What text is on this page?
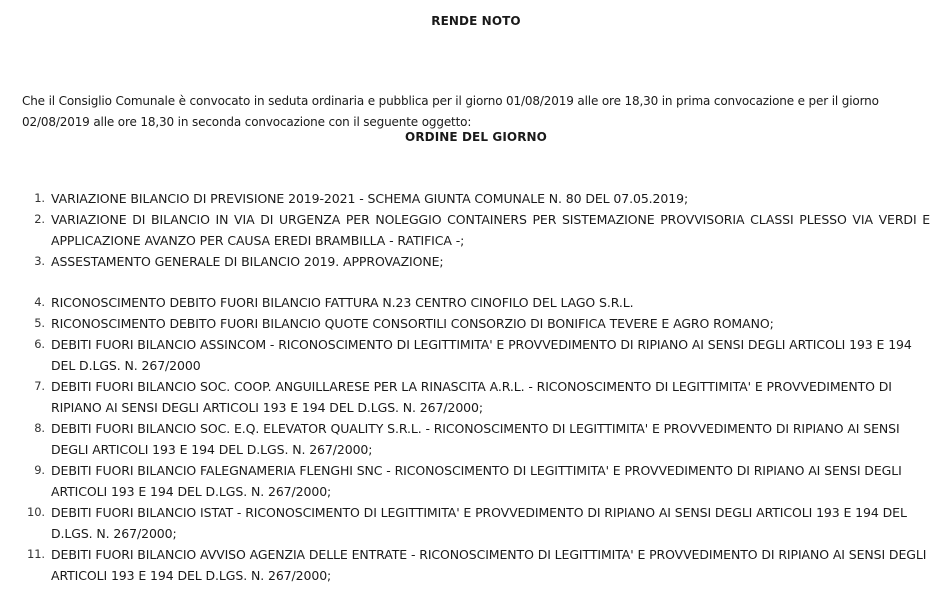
RENDE NOTO

Che il Consiglio Comunale è convocato in seduta ordinaria e pubblica per il giorno 01/08/2019 alle ore 18,30 in prima convocazione e per il giorno 02/08/2019 alle ore 18,30 in seconda convocazione con il seguente oggetto:

ORDINE DEL GIORNO
1. VARIAZIONE BILANCIO DI PREVISIONE 2019-2021 - SCHEMA GIUNTA COMUNALE N. 80 DEL 07.05.2019;
2. VARIAZIONE DI BILANCIO IN VIA DI URGENZA PER NOLEGGIO CONTAINERS PER SISTEMAZIONE PROVVISORIA CLASSI PLESSO VIA VERDI E APPLICAZIONE AVANZO PER CAUSA EREDI BRAMBILLA - RATIFICA -;
3. ASSESTAMENTO GENERALE DI BILANCIO 2019. APPROVAZIONE;
4. RICONOSCIMENTO DEBITO FUORI BILANCIO FATTURA N.23 CENTRO CINOFILO DEL LAGO S.R.L.
5. RICONOSCIMENTO DEBITO FUORI BILANCIO QUOTE CONSORTILI CONSORZIO DI BONIFICA TEVERE E AGRO ROMANO;
6. DEBITI FUORI BILANCIO ASSINCOM - RICONOSCIMENTO DI LEGITTIMITA' E PROVVEDIMENTO DI RIPIANO AI SENSI DEGLI ARTICOLI 193 E 194 DEL D.LGS. N. 267/2000
7. DEBITI FUORI BILANCIO SOC. COOP. ANGUILLARESE PER LA RINASCITA A.R.L. - RICONOSCIMENTO DI LEGITTIMITA' E PROVVEDIMENTO DI RIPIANO AI SENSI DEGLI ARTICOLI 193 E 194 DEL D.LGS. N. 267/2000;
8. DEBITI FUORI BILANCIO SOC. E.Q. ELEVATOR QUALITY S.R.L. - RICONOSCIMENTO DI LEGITTIMITA' E PROVVEDIMENTO DI RIPIANO AI SENSI DEGLI ARTICOLI 193 E 194 DEL D.LGS. N. 267/2000;
9. DEBITI FUORI BILANCIO FALEGNAMERIA FLENGHI SNC - RICONOSCIMENTO DI LEGITTIMITA' E PROVVEDIMENTO DI RIPIANO AI SENSI DEGLI ARTICOLI 193 E 194 DEL D.LGS. N. 267/2000;
10. DEBITI FUORI BILANCIO ISTAT - RICONOSCIMENTO DI LEGITTIMITA' E PROVVEDIMENTO DI RIPIANO AI SENSI DEGLI ARTICOLI 193 E 194 DEL D.LGS. N. 267/2000;
11. DEBITI FUORI BILANCIO AVVISO AGENZIA DELLE ENTRATE - RICONOSCIMENTO DI LEGITTIMITA' E PROVVEDIMENTO DI RIPIANO AI SENSI DEGLI ARTICOLI 193 E 194 DEL D.LGS. N. 267/2000;
